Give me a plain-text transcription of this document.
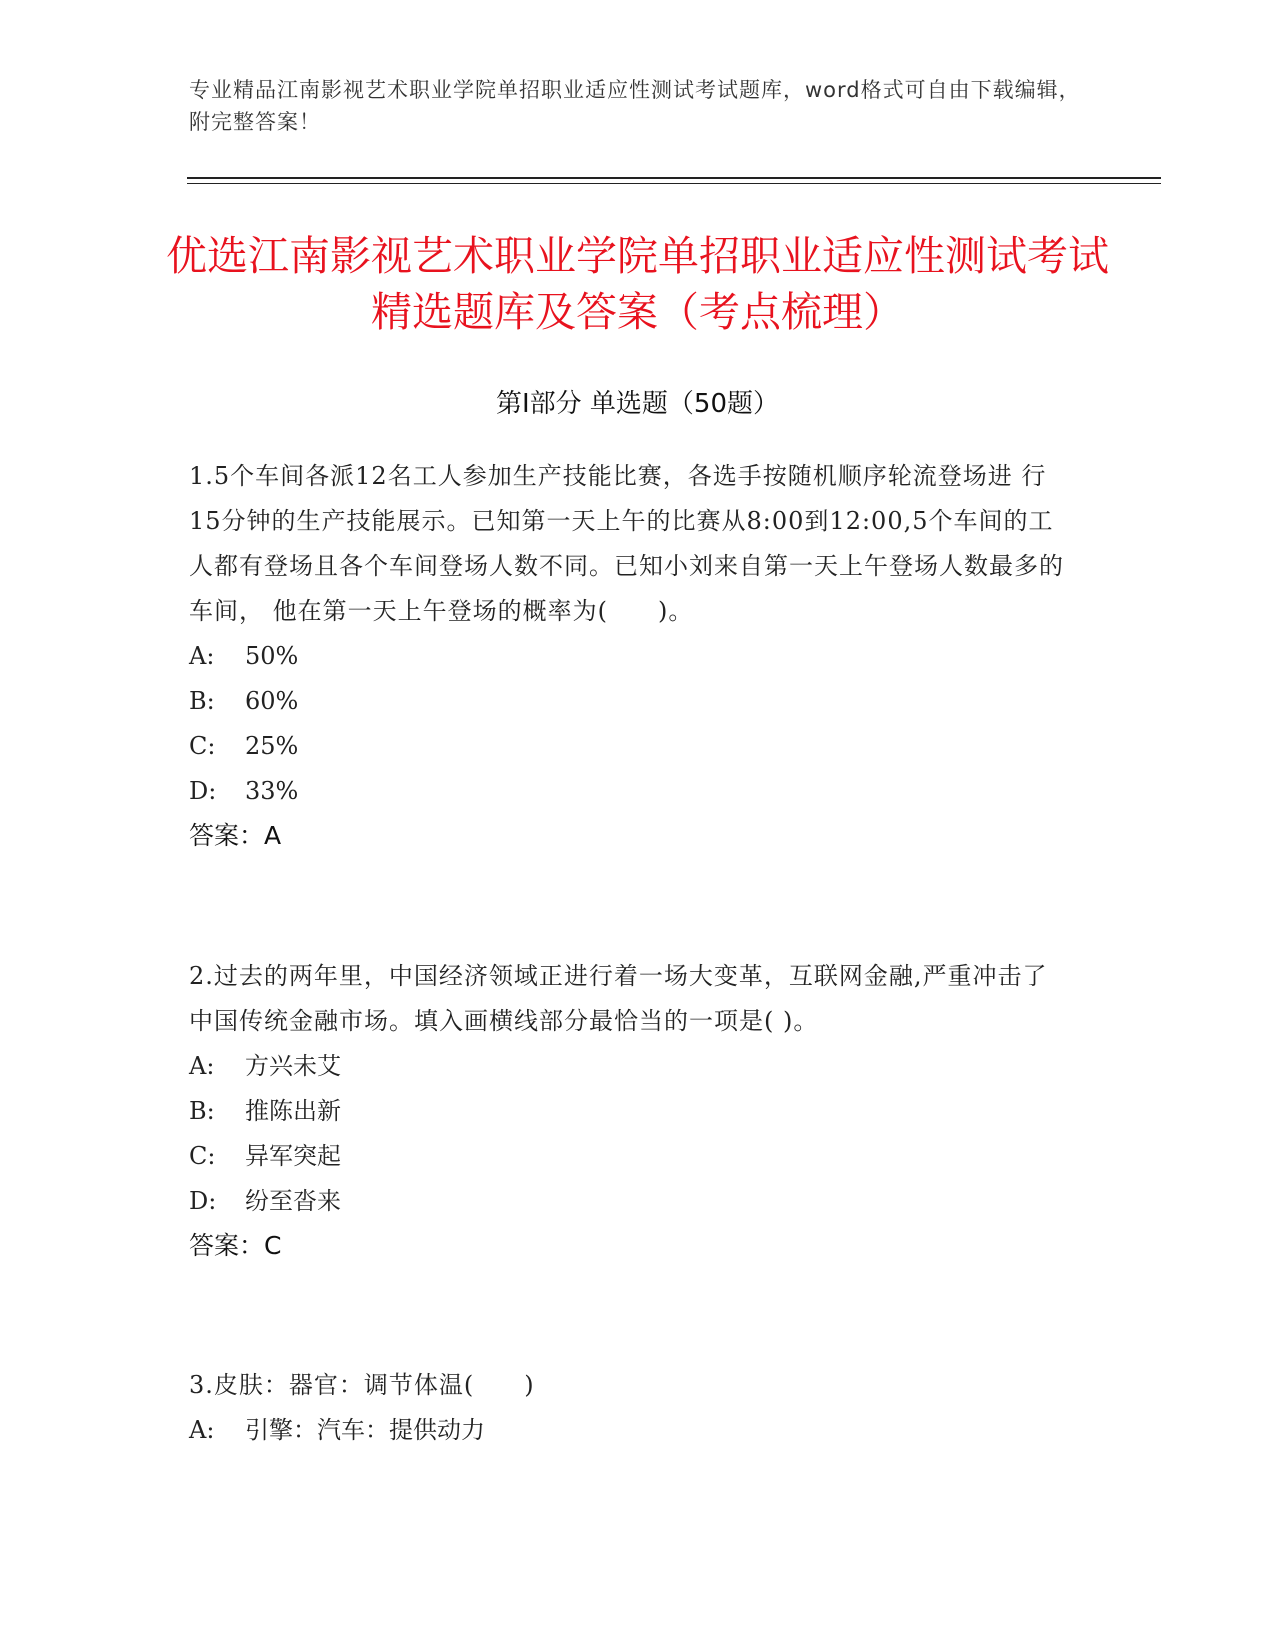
专业精品江南影视艺术职业学院单招职业适应性测试考试题库，word格式可自由下载编辑，附完整答案！
优选江南影视艺术职业学院单招职业适应性测试考试精选题库及答案（考点梳理）
第Ⅰ部分 单选题（50题）

1.5个车间各派12名工人参加生产技能比赛，各选手按随机顺序轮流登场进 行15分钟的生产技能展示。已知第一天上午的比赛从8:00到12:00,5个车间的工 人都有登场且各个车间登场人数不同。已知小刘来自第一天上午登场人数最多的车间， 他在第一天上午登场的概率为(　　)。

A:	50%
B:	60%
C:	25%
D:	33%

答案：A

2.过去的两年里，中国经济领域正进行着一场大变革，互联网金融,严重冲击了中国传统金融市场。填入画横线部分最恰当的一项是( )。

A:	方兴未艾
B:	推陈出新
C:	异军突起
D:	纷至沓来

答案：C

3.皮肤：器官：调节体温(　　)

A:	引擎：汽车：提供动力
